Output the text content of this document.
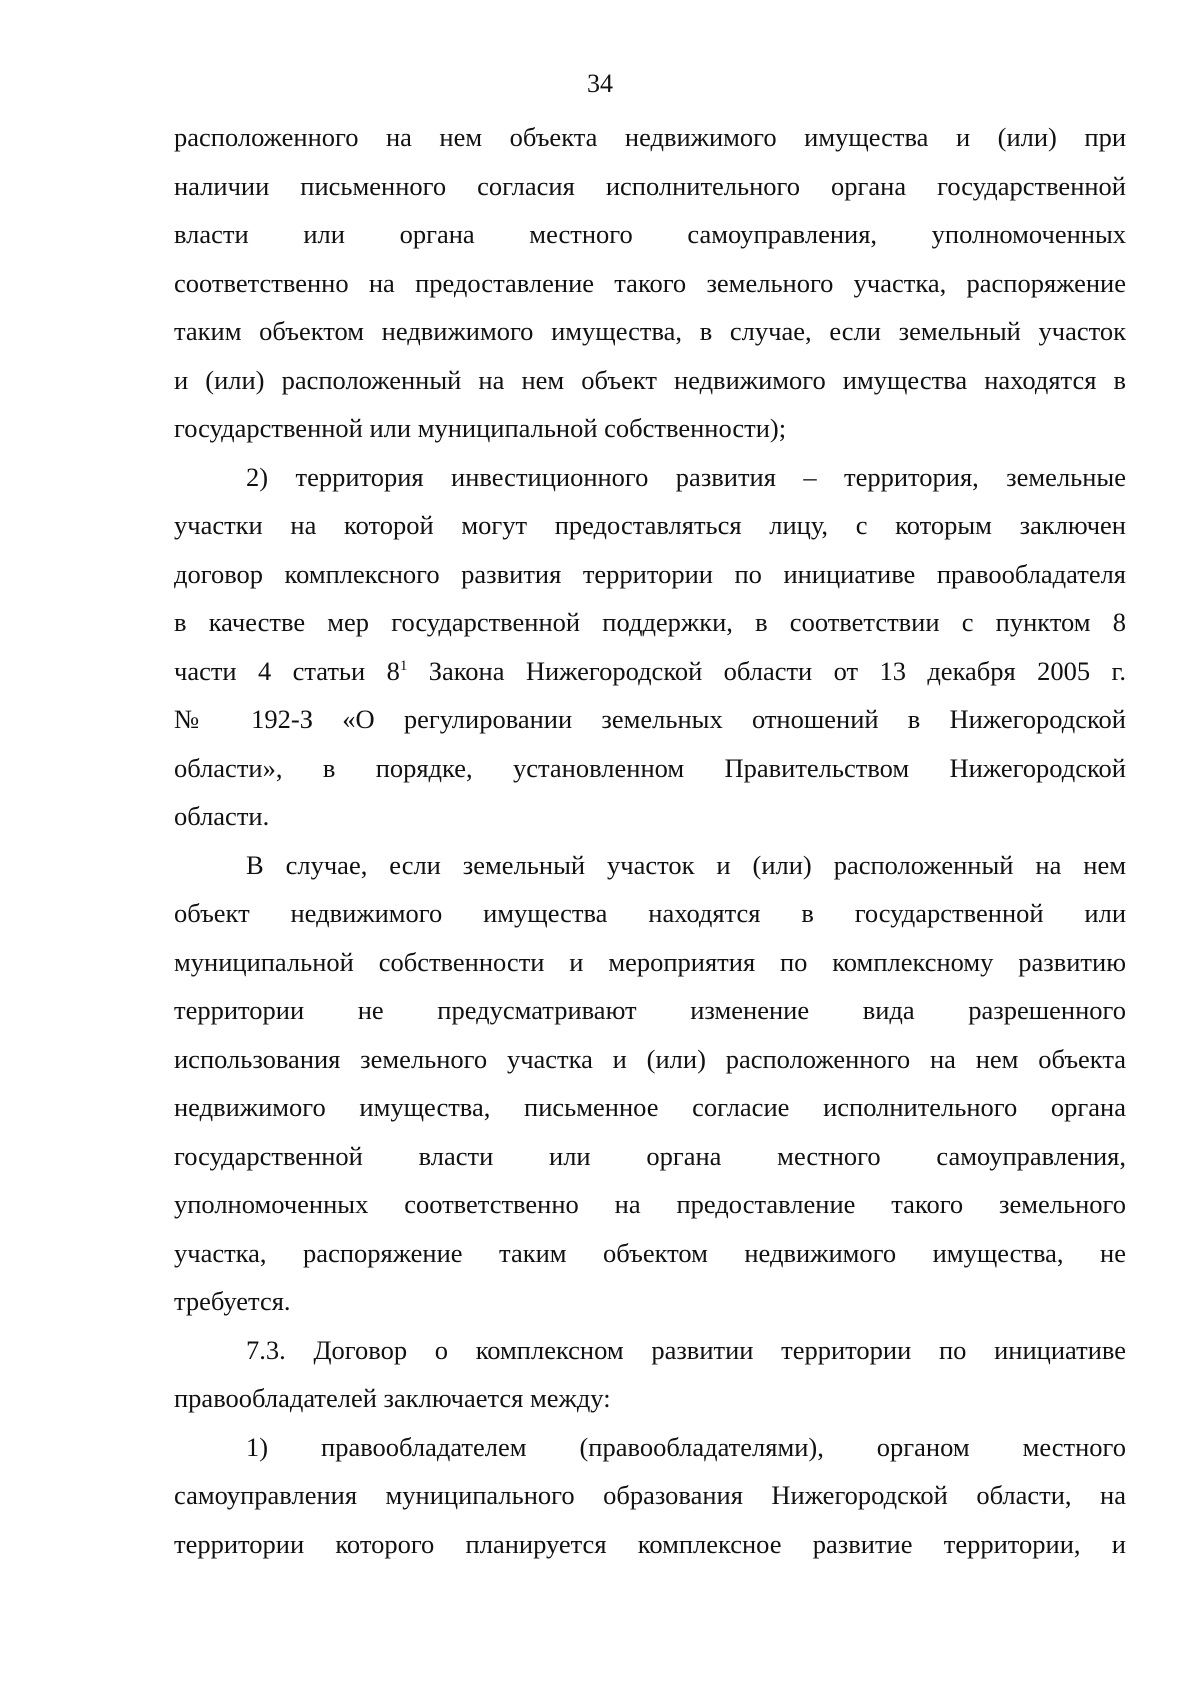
34
расположенного на нем объекта недвижимого имущества и (или) при
наличии письменного согласия исполнительного органа государственной
власти или органа местного самоуправления, уполномоченных
соответственно на предоставление такого земельного участка, распоряжение
таким объектом недвижимого имущества, в случае, если земельный участок
и (или) расположенный на нем объект недвижимого имущества находятся в
государственной или муниципальной собственности);
2) территория инвестиционного развития – территория, земельные
участки на которой могут предоставляться лицу, с которым заключен
договор комплексного развития территории по инициативе правообладателя
в качестве мер государственной поддержки, в соответствии с пунктом 8
части 4 статьи $8^1$ Закона Нижегородской области от 13 декабря 2005 г.
№ 192-З «О регулировании земельных отношений в Нижегородской
области», в порядке, установленном Правительством Нижегородской
области.
В случае, если земельный участок и (или) расположенный на нем
объект недвижимого имущества находятся в государственной или
муниципальной собственности и мероприятия по комплексному развитию
территории не предусматривают изменение вида разрешенного
использования земельного участка и (или) расположенного на нем объекта
недвижимого имущества, письменное согласие исполнительного органа
государственной власти или органа местного самоуправления,
уполномоченных соответственно на предоставление такого земельного
участка, распоряжение таким объектом недвижимого имущества, не
требуется.
7.3. Договор о комплексном развитии территории по инициативе
правообладателей заключается между:
1) правообладателем (правообладателями), органом местного
самоуправления муниципального образования Нижегородской области, на
территории которого планируется комплексное развитие территории, и
